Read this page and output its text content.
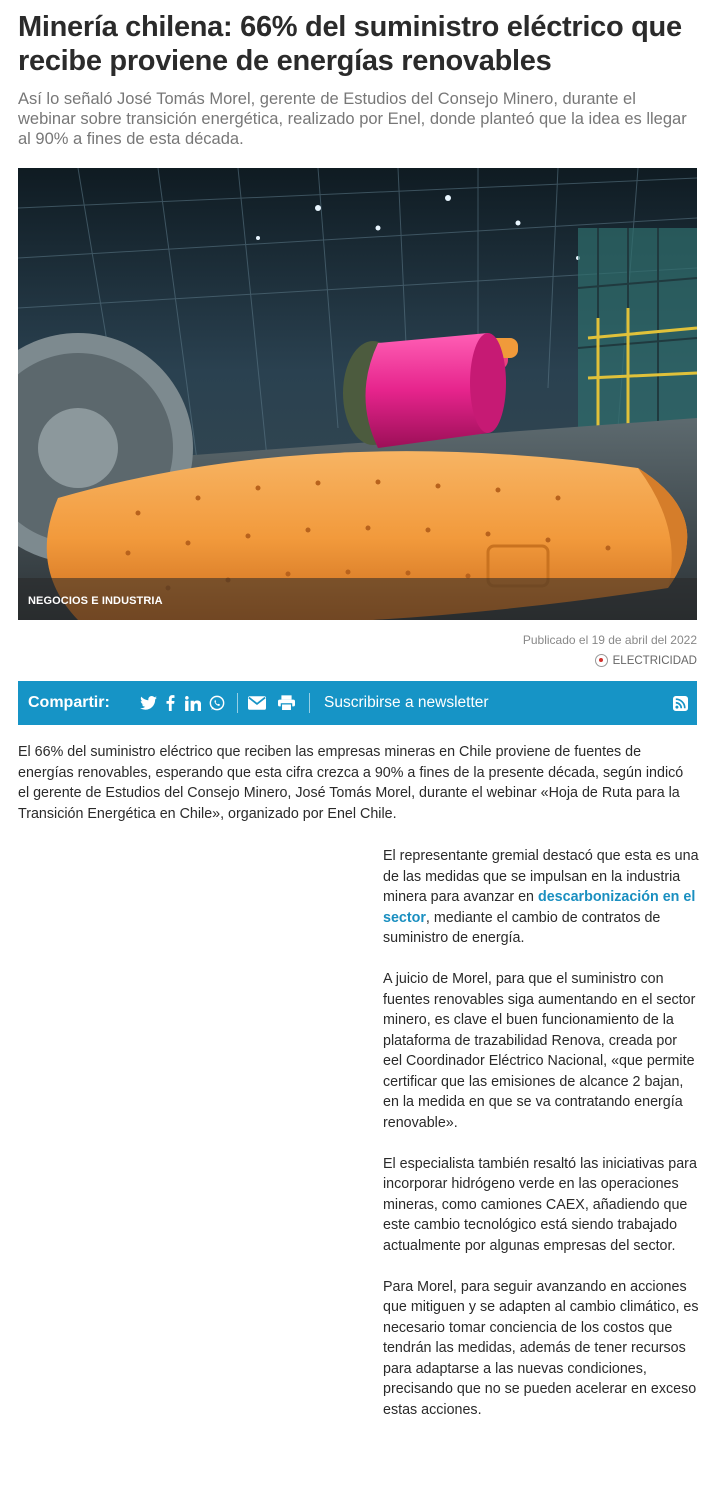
Minería chilena: 66% del suministro eléctrico que recibe proviene de energías renovables
Así lo señaló José Tomás Morel, gerente de Estudios del Consejo Minero, durante el webinar sobre transición energética, realizado por Enel, donde planteó que la idea es llegar al 90% a fines de esta década.
NEGOCIOS E INDUSTRIA
Publicado el 19 de abril del 2022
ELECTRICIDAD
Compartir:	Suscribirse a newsletter

El 66% del suministro eléctrico que reciben las empresas mineras en Chile proviene de fuentes de energías renovables, esperando que esta cifra crezca a 90% a fines de la presente década, según indicó el gerente de Estudios del Consejo Minero, José Tomás Morel, durante el webinar «Hoja de Ruta para la Transición Energética en Chile», organizado por Enel Chile.

El representante gremial destacó que esta es una de las medidas que se impulsan en la industria minera para avanzar en descarbonización en el sector, mediante el cambio de contratos de suministro de energía.

A juicio de Morel, para que el suministro con fuentes renovables siga aumentando en el sector minero, es clave el buen funcionamiento de la plataforma de trazabilidad Renova, creada por eel Coordinador Eléctrico Nacional, «que permite certificar que las emisiones de alcance 2 bajan, en la medida en que se va contratando energía renovable».

El especialista también resaltó las iniciativas para incorporar hidrógeno verde en las operaciones mineras, como camiones CAEX, añadiendo que este cambio tecnológico está siendo trabajado actualmente por algunas empresas del sector.

Para Morel, para seguir avanzando en acciones que mitiguen y se adapten al cambio climático, es necesario tomar conciencia de los costos que tendrán las medidas, además de tener recursos para adaptarse a las nuevas condiciones, precisando que no se pueden acelerar en exceso estas acciones.
